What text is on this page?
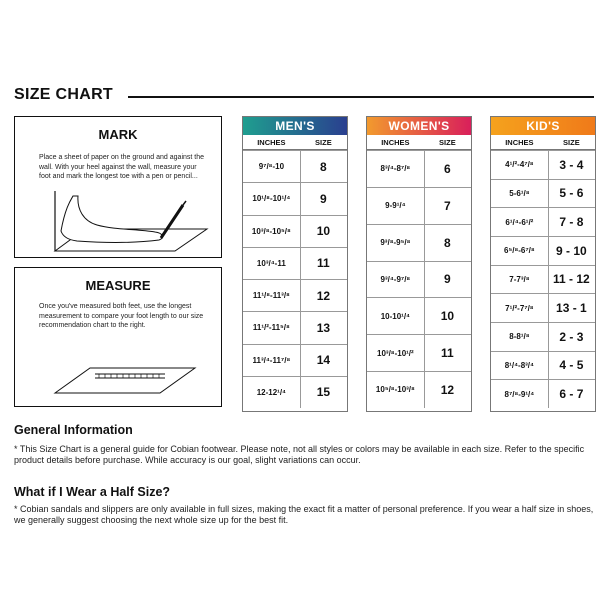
SIZE CHART
MARK
Place a sheet of paper on the ground and against the wall. With your heel against the wall, measure your foot and mark the longest toe with a pen or pencil...
MEASURE
Once you've measured both feet, use the longest measurement to compare your foot length to our size recommendation chart to the right.
MEN'S
INCHES	SIZE
9⁷/⁸-10	8
10¹/⁸-10¹/⁴	9
10³/⁸-10⁵/⁸	10
10³/⁴-11	11
11¹/⁸-11³/⁸	12
11¹/²-11⁵/⁸	13
11³/⁴-11⁷/⁸	14
12-12¹/⁴	15
WOMEN'S
INCHES	SIZE
8³/⁴-8⁷/⁸	6
9-9¹/⁴	7
9³/⁸-9⁵/⁸	8
9³/⁴-9⁷/⁸	9
10-10¹/⁴	10
10³/⁸-10¹/²	11
10⁵/⁸-10³/⁸	12
KID'S
INCHES	SIZE
4¹/²-4⁷/⁸	3 - 4
5-6¹/⁸	5 - 6
6¹/⁴-6¹/²	7 - 8
6⁵/⁸-6⁷/⁸	9 - 10
7-7³/⁸	11 - 12
7¹/²-7⁷/⁸	13 - 1
8-8¹/⁸	2 - 3
8¹/⁴-8³/⁴	4 - 5
8⁷/⁸-9¹/⁴	6 - 7
General Information
* This Size Chart is a general guide for Cobian footwear. Please note, not all styles or colors may be available in each size. Refer to the specific product details before purchase. While accuracy is our goal, slight variations can occur.
What if I Wear a Half Size?
* Cobian sandals and slippers are only available in full sizes, making the exact fit a matter of personal preference. If you wear a half size in shoes, we generally suggest choosing the next whole size up for the best fit.
